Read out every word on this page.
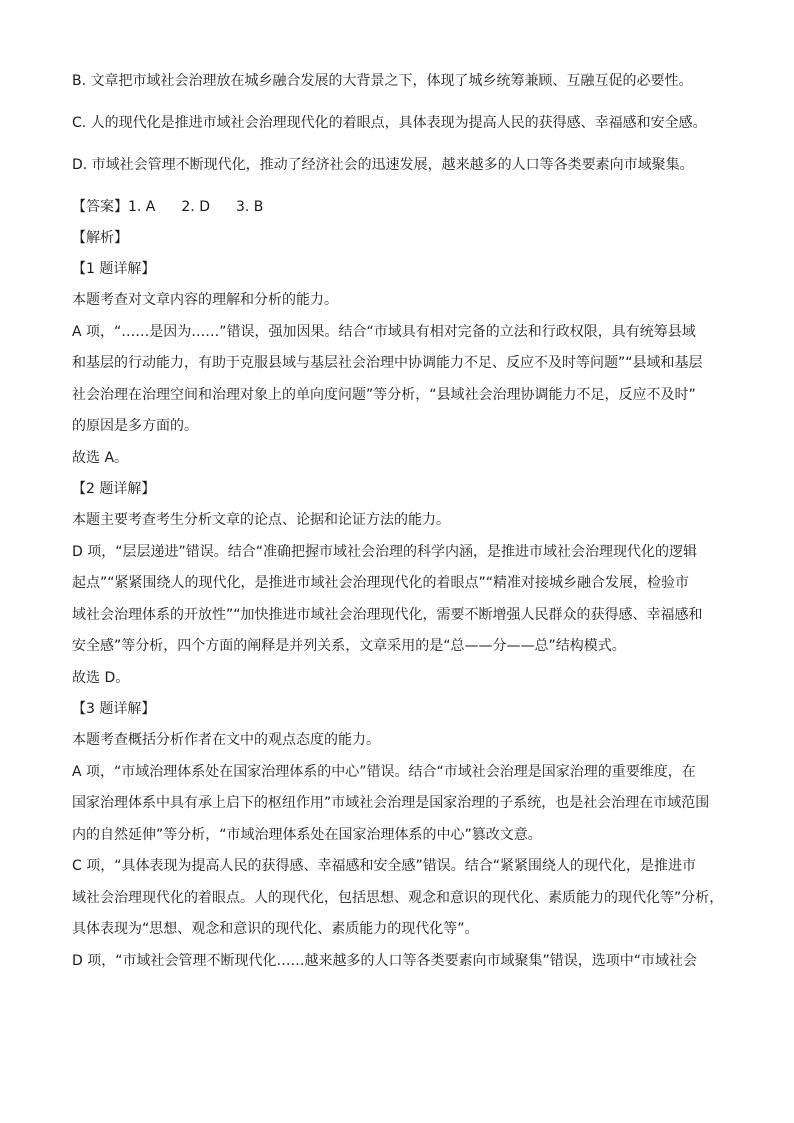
B. 文章把市域社会治理放在城乡融合发展的大背景之下，体现了城乡统筹兼顾、互融互促的必要性。

C. 人的现代化是推进市域社会治理现代化的着眼点，具体表现为提高人民的获得感、幸福感和安全感。

D. 市域社会管理不断现代化，推动了经济社会的迅速发展，越来越多的人口等各类要素向市域聚集。

【答案】1. A 2. D 3. B

【解析】

【1 题详解】

本题考查对文章内容的理解和分析的能力。

A 项，“……是因为……”错误，强加因果。结合“市域具有相对完备的立法和行政权限，具有统筹县域

和基层的行动能力，有助于克服县域与基层社会治理中协调能力不足、反应不及时等问题”“县域和基层

社会治理在治理空间和治理对象上的单向度问题”等分析，“县域社会治理协调能力不足，反应不及时”

的原因是多方面的。

故选 A。

【2 题详解】

本题主要考查考生分析文章的论点、论据和论证方法的能力。

D 项，“层层递进”错误。结合“准确把握市域社会治理的科学内涵，是推进市域社会治理现代化的逻辑

起点”“紧紧围绕人的现代化，是推进市域社会治理现代化的着眼点”“精准对接城乡融合发展，检验市

域社会治理体系的开放性”“加快推进市域社会治理现代化，需要不断增强人民群众的获得感、幸福感和

安全感”等分析，四个方面的阐释是并列关系，文章采用的是“总——分——总”结构模式。

故选 D。

【3 题详解】

本题考查概括分析作者在文中的观点态度的能力。

A 项，“市域治理体系处在国家治理体系的中心”错误。结合“市域社会治理是国家治理的重要维度，在

国家治理体系中具有承上启下的枢纽作用”市域社会治理是国家治理的子系统，也是社会治理在市域范围

内的自然延伸”等分析，“市域治理体系处在国家治理体系的中心”篡改文意。

C 项，“具体表现为提高人民的获得感、幸福感和安全感”错误。结合“紧紧围绕人的现代化，是推进市

域社会治理现代化的着眼点。人的现代化，包括思想、观念和意识的现代化、素质能力的现代化等”分析，

具体表现为“思想、观念和意识的现代化、素质能力的现代化等”。

D 项，“市域社会管理不断现代化……越来越多的人口等各类要素向市域聚集”错误，选项中“市域社会
